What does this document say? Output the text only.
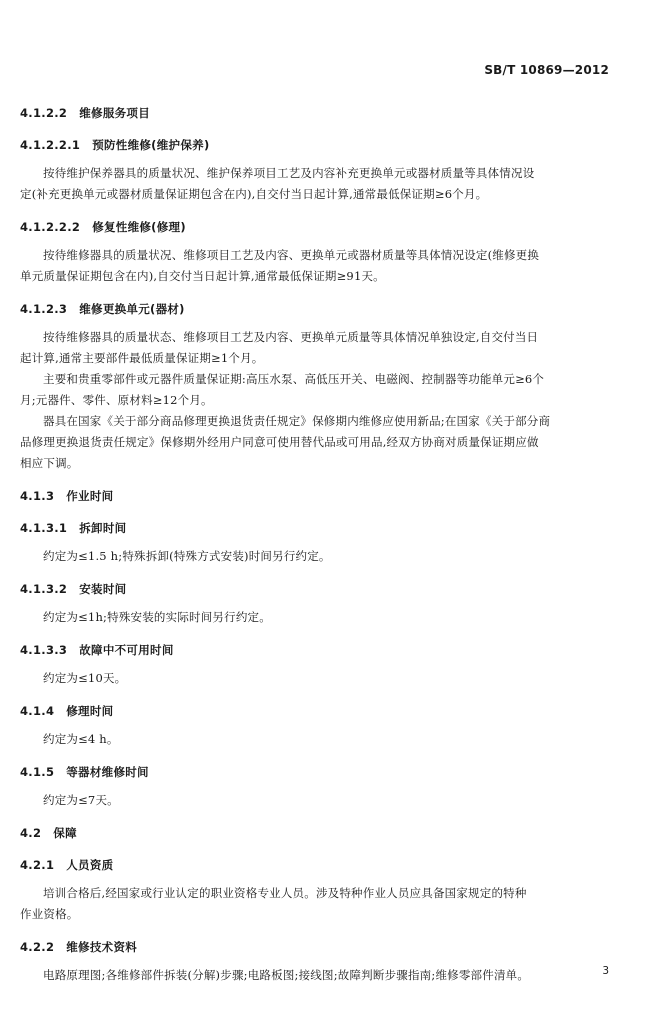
SB/T 10869—2012
4.1.2.2 维修服务项目
4.1.2.2.1 预防性维修(维护保养)
按待维护保养器具的质量状况、维护保养项目工艺及内容补充更换单元或器材质量等具体情况设
定(补充更换单元或器材质量保证期包含在内),自交付当日起计算,通常最低保证期≥6个月。
4.1.2.2.2 修复性维修(修理)
按待维修器具的质量状况、维修项目工艺及内容、更换单元或器材质量等具体情况设定(维修更换
单元质量保证期包含在内),自交付当日起计算,通常最低保证期≥91天。
4.1.2.3 维修更换单元(器材)
按待维修器具的质量状态、维修项目工艺及内容、更换单元质量等具体情况单独设定,自交付当日
起计算,通常主要部件最低质量保证期≥1个月。
主要和贵重零部件或元器件质量保证期:高压水泵、高低压开关、电磁阀、控制器等功能单元≥6个
月;元器件、零件、原材料≥12个月。
器具在国家《关于部分商品修理更换退货责任规定》保修期内维修应使用新品;在国家《关于部分商
品修理更换退货责任规定》保修期外经用户同意可使用替代品或可用品,经双方协商对质量保证期应做
相应下调。
4.1.3 作业时间
4.1.3.1 拆卸时间
约定为≤1.5 h;特殊拆卸(特殊方式安装)时间另行约定。
4.1.3.2 安装时间
约定为≤1h;特殊安装的实际时间另行约定。
4.1.3.3 故障中不可用时间
约定为≤10天。
4.1.4 修理时间
约定为≤4 h。
4.1.5 等器材维修时间
约定为≤7天。
4.2 保障
4.2.1 人员资质
培训合格后,经国家或行业认定的职业资格专业人员。涉及特种作业人员应具备国家规定的特种
作业资格。
4.2.2 维修技术资料
电路原理图;各维修部件拆装(分解)步骤;电路板图;接线图;故障判断步骤指南;维修零部件清单。	3
